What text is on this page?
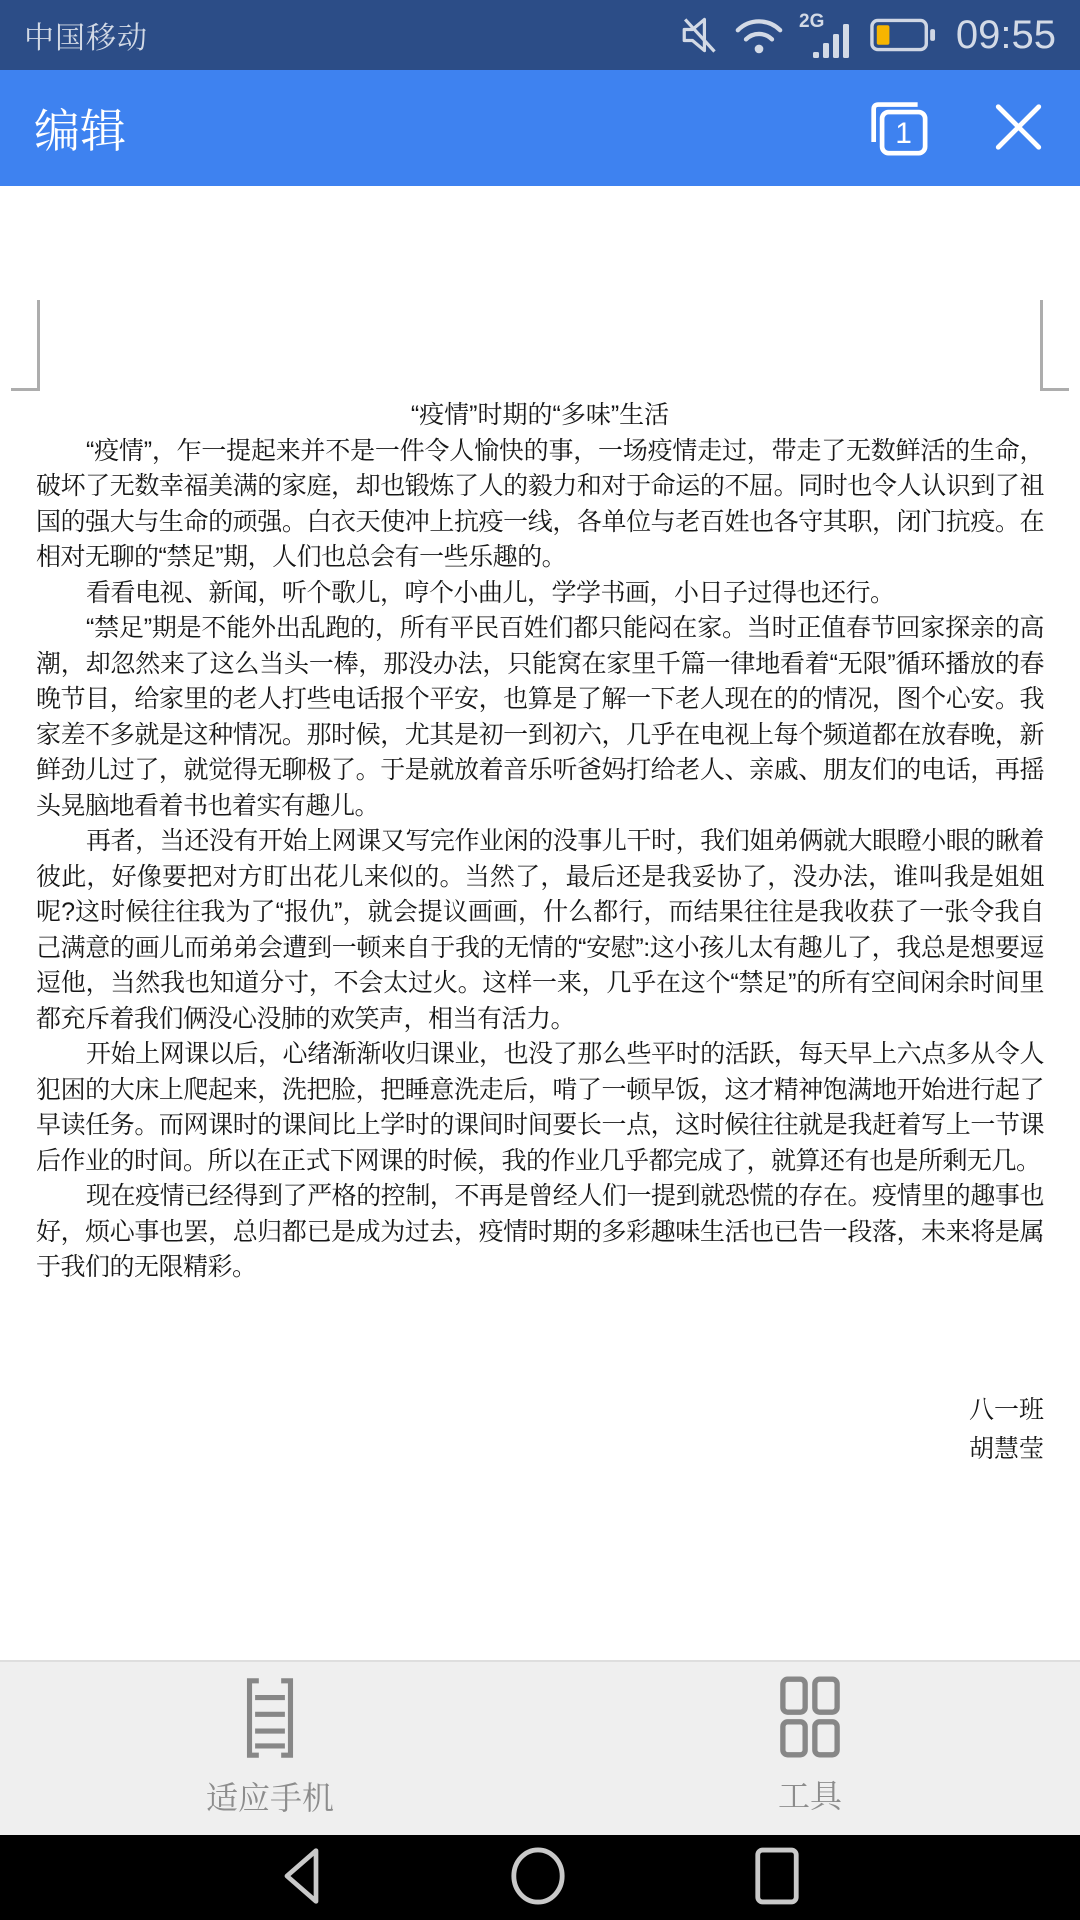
中国移动
2G	09:55
编辑	1

“疫情”时期的“多味”生活

“疫情”，乍一提起来并不是一件令人愉快的事，一场疫情走过，带走了无数鲜活的生命，破坏了无数幸福美满的家庭，却也锻炼了人的毅力和对于命运的不屈。同时也令人认识到了祖国的强大与生命的顽强。白衣天使冲上抗疫一线，各单位与老百姓也各守其职，闭门抗疫。在相对无聊的“禁足”期，人们也总会有一些乐趣的。

看看电视、新闻，听个歌儿，哼个小曲儿，学学书画，小日子过得也还行。

“禁足”期是不能外出乱跑的，所有平民百姓们都只能闷在家。当时正值春节回家探亲的高潮，却忽然来了这么当头一棒，那没办法，只能窝在家里千篇一律地看着“无限”循环播放的春晚节目，给家里的老人打些电话报个平安，也算是了解一下老人现在的的情况，图个心安。我家差不多就是这种情况。那时候，尤其是初一到初六，几乎在电视上每个频道都在放春晚，新鲜劲儿过了，就觉得无聊极了。于是就放着音乐听爸妈打给老人、亲戚、朋友们的电话，再摇头晃脑地看着书也着实有趣儿。

再者，当还没有开始上网课又写完作业闲的没事儿干时，我们姐弟俩就大眼瞪小眼的瞅着彼此，好像要把对方盯出花儿来似的。当然了，最后还是我妥协了，没办法，谁叫我是姐姐呢?这时候往往我为了“报仇”，就会提议画画，什么都行，而结果往往是我收获了一张令我自己满意的画儿而弟弟会遭到一顿来自于我的无情的“安慰”:这小孩儿太有趣儿了，我总是想要逗逗他，当然我也知道分寸，不会太过火。这样一来，几乎在这个“禁足”的所有空间闲余时间里都充斥着我们俩没心没肺的欢笑声，相当有活力。

开始上网课以后，心绪渐渐收归课业，也没了那么些平时的活跃，每天早上六点多从令人犯困的大床上爬起来，洗把脸，把睡意洗走后，啃了一顿早饭，这才精神饱满地开始进行起了早读任务。而网课时的课间比上学时的课间时间要长一点，这时候往往就是我赶着写上一节课后作业的时间。所以在正式下网课的时候，我的作业几乎都完成了，就算还有也是所剩无几。

现在疫情已经得到了严格的控制，不再是曾经人们一提到就恐慌的存在。疫情里的趣事也好，烦心事也罢，总归都已是成为过去，疫情时期的多彩趣味生活也已告一段落，未来将是属于我们的无限精彩。

八一班

胡慧莹

适应手机	工具
